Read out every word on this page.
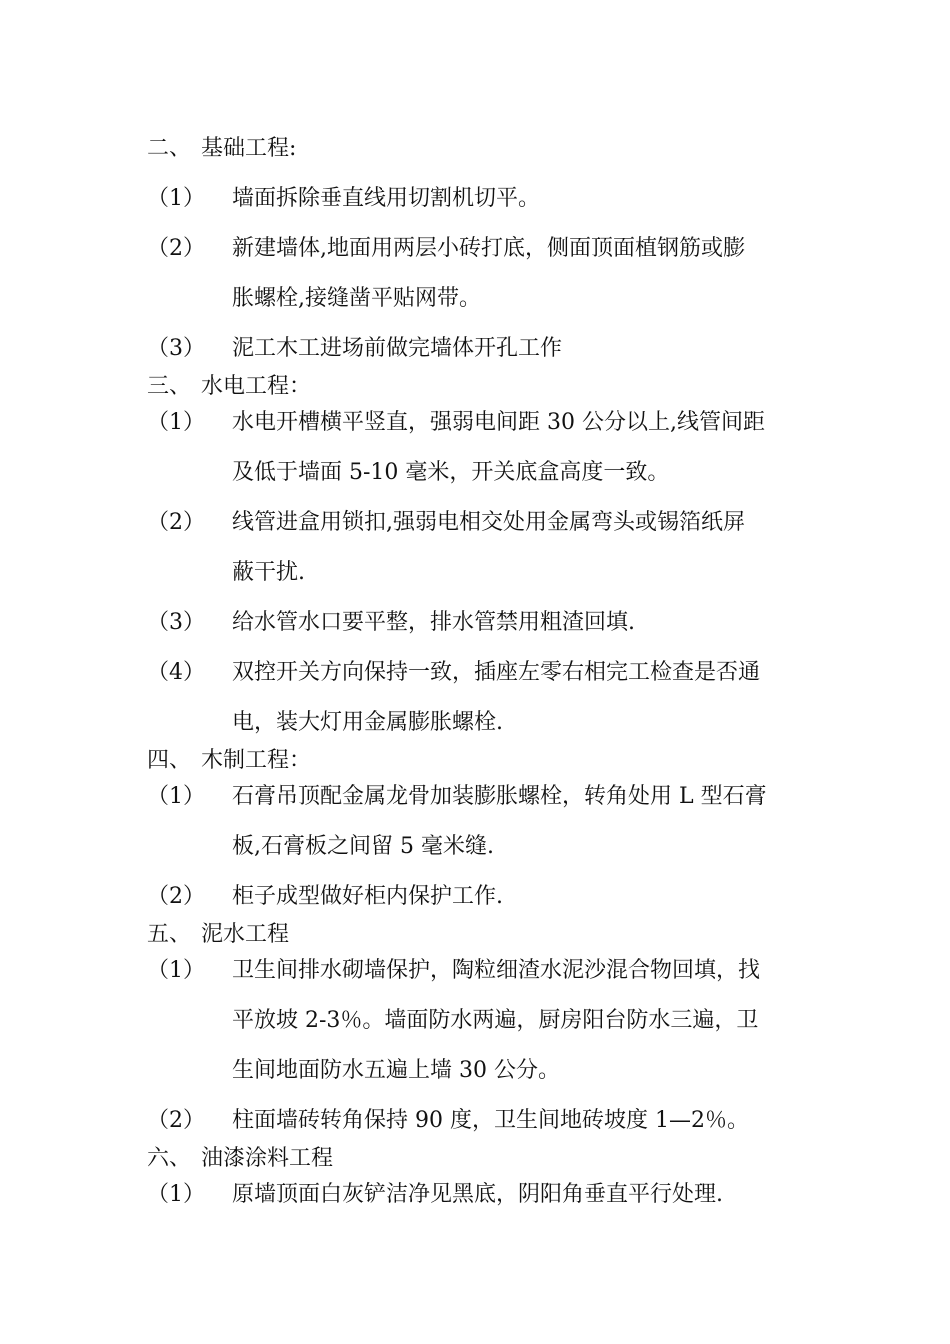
二、 基础工程:
（1）	墙面拆除垂直线用切割机切平。
（2）	新建墙体,地面用两层小砖打底，侧面顶面植钢筋或膨
胀螺栓,接缝凿平贴网带。
（3）	泥工木工进场前做完墙体开孔工作
三、 水电工程：
（1）	水电开槽横平竖直，强弱电间距 30 公分以上,线管间距
及低于墙面 5-10 毫米，开关底盒高度一致。
（2）	线管进盒用锁扣,强弱电相交处用金属弯头或锡箔纸屏
蔽干扰.
（3）	给水管水口要平整，排水管禁用粗渣回填.
（4）	双控开关方向保持一致，插座左零右相完工检查是否通
电，装大灯用金属膨胀螺栓.
四、 木制工程：
（1）	石膏吊顶配金属龙骨加装膨胀螺栓，转角处用 L 型石膏
板,石膏板之间留 5 毫米缝.
（2）	柜子成型做好柜内保护工作.
五、 泥水工程
（1）	卫生间排水砌墙保护，陶粒细渣水泥沙混合物回填，找
平放坡 2-3％。墙面防水两遍，厨房阳台防水三遍，卫
生间地面防水五遍上墙 30 公分。
（2）	柱面墙砖转角保持 90 度，卫生间地砖坡度 1—2％。
六、 油漆涂料工程
（1）	原墙顶面白灰铲洁净见黑底，阴阳角垂直平行处理.
